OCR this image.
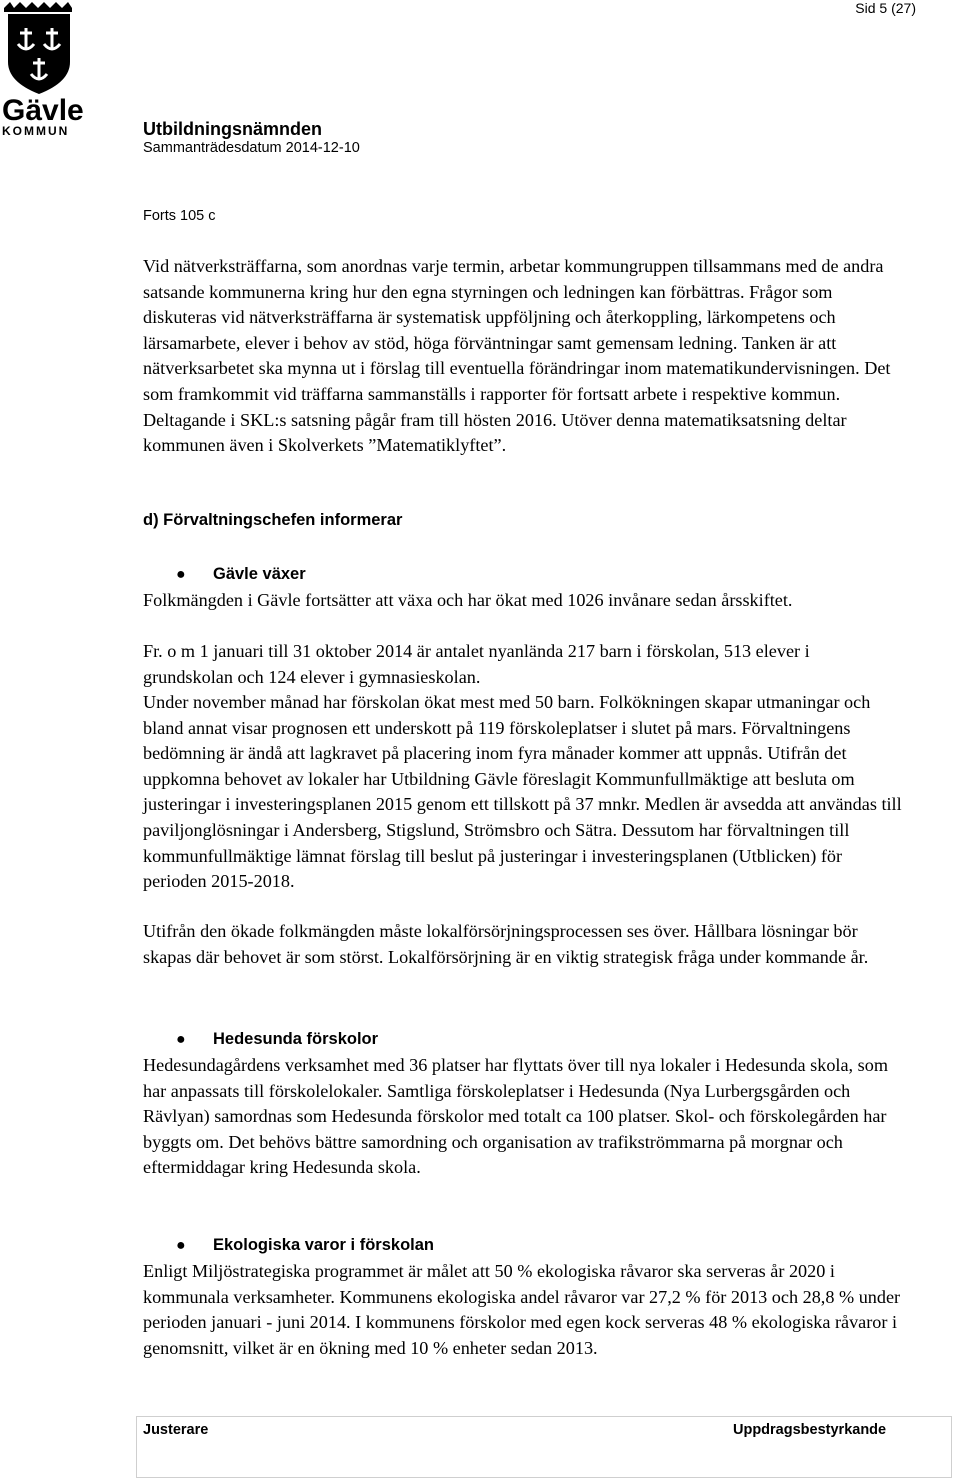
Gävle
KOMMUN
Sid 5 (27)
Utbildningsnämnden
Sammanträdesdatum 2014-12-10
Forts 105 c

Vid nätverksträffarna, som anordnas varje termin, arbetar kommungruppen tillsammans med de andra satsande kommunerna kring hur den egna styrningen och ledningen kan förbättras. Frågor som diskuteras vid nätverksträffarna är systematisk uppföljning och återkoppling, lärkompetens och lärsamarbete, elever i behov av stöd, höga förväntningar samt gemensam ledning. Tanken är att nätverksarbetet ska mynna ut i förslag till eventuella förändringar inom matematikundervisningen. Det som framkommit vid träffarna sammanställs i rapporter för fortsatt arbete i respektive kommun. Deltagande i SKL:s satsning pågår fram till hösten 2016. Utöver denna matematiksatsning deltar kommunen även i Skolverkets ”Matematiklyftet”.

d) Förvaltningschefen informerar
● Gävle växer

Folkmängden i Gävle fortsätter att växa och har ökat med 1026 invånare sedan årsskiftet.

Fr. o m 1 januari till 31 oktober 2014 är antalet nyanlända 217 barn i förskolan, 513 elever i grundskolan och 124 elever i gymnasieskolan.

Under november månad har förskolan ökat mest med 50 barn. Folkökningen skapar utmaningar och bland annat visar prognosen ett underskott på 119 förskoleplatser i slutet på mars. Förvaltningens bedömning är ändå att lagkravet på placering inom fyra månader kommer att uppnås. Utifrån det uppkomna behovet av lokaler har Utbildning Gävle föreslagit Kommunfullmäktige att besluta om justeringar i investeringsplanen 2015 genom ett tillskott på 37 mnkr. Medlen är avsedda att användas till paviljonglösningar i Andersberg, Stigslund, Strömsbro och Sätra. Dessutom har förvaltningen till kommunfullmäktige lämnat förslag till beslut på justeringar i investeringsplanen (Utblicken) för perioden 2015-2018.

Utifrån den ökade folkmängden måste lokalförsörjningsprocessen ses över. Hållbara lösningar bör skapas där behovet är som störst. Lokalförsörjning är en viktig strategisk fråga under kommande år.

● Hedesunda förskolor

Hedesundagårdens verksamhet med 36 platser har flyttats över till nya lokaler i Hedesunda skola, som har anpassats till förskolelokaler. Samtliga förskoleplatser i Hedesunda (Nya Lurbergsgården och Rävlyan) samordnas som Hedesunda förskolor med totalt ca 100 platser. Skol- och förskolegården har byggts om. Det behövs bättre samordning och organisation av trafikströmmarna på morgnar och eftermiddagar kring Hedesunda skola.

● Ekologiska varor i förskolan

Enligt Miljöstrategiska programmet är målet att 50 % ekologiska råvaror ska serveras år 2020 i kommunala verksamheter. Kommunens ekologiska andel råvaror var 27,2 % för 2013 och 28,8 % under perioden januari - juni 2014. I kommunens förskolor med egen kock serveras 48 % ekologiska råvaror i genomsnitt, vilket är en ökning med 10 % enheter sedan 2013.

Justerare	Uppdragsbestyrkande
